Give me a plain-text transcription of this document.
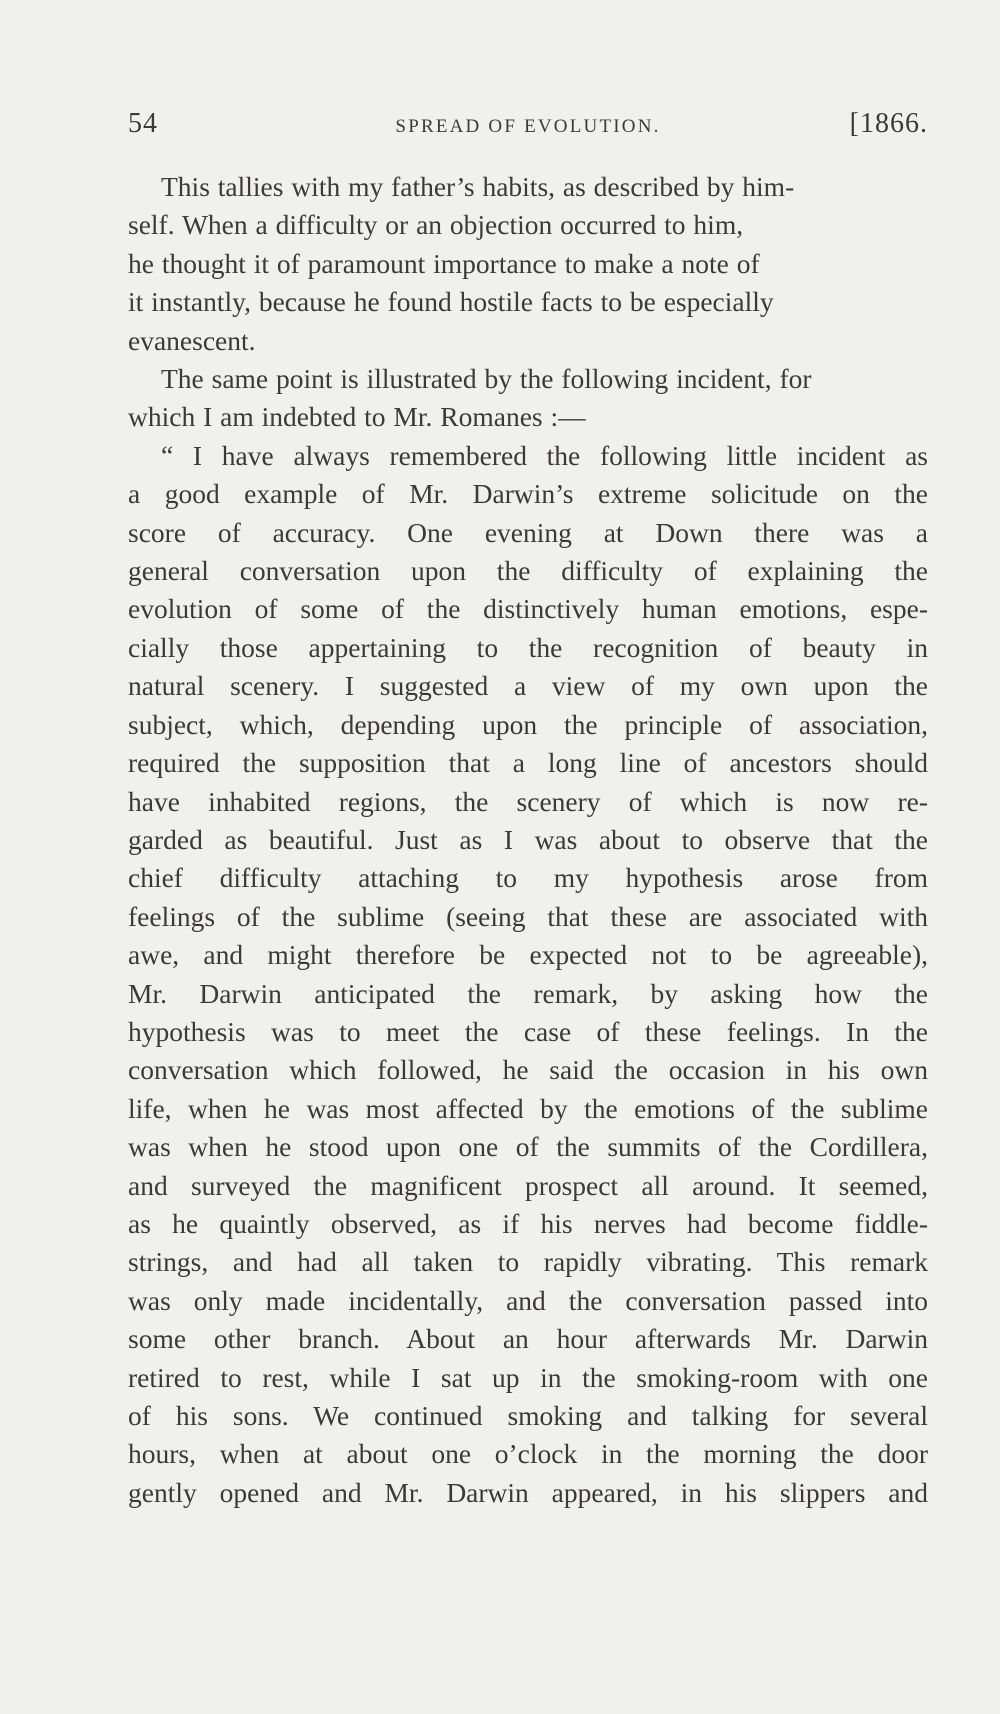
54	SPREAD OF EVOLUTION.	[1866.

This tallies with my father’s habits, as described by him-
self. When a difficulty or an objection occurred to him,
he thought it of paramount importance to make a note of
it instantly, because he found hostile facts to be especially
evanescent.

The same point is illustrated by the following incident, for
which I am indebted to Mr. Romanes :—

“ I have always remembered the following little incident as
a good example of Mr. Darwin’s extreme solicitude on the
score of accuracy. One evening at Down there was a
general conversation upon the difficulty of explaining the
evolution of some of the distinctively human emotions, espe-
cially those appertaining to the recognition of beauty in
natural scenery. I suggested a view of my own upon the
subject, which, depending upon the principle of association,
required the supposition that a long line of ancestors should
have inhabited regions, the scenery of which is now re-
garded as beautiful. Just as I was about to observe that the
chief difficulty attaching to my hypothesis arose from
feelings of the sublime (seeing that these are associated with
awe, and might therefore be expected not to be agreeable),
Mr. Darwin anticipated the remark, by asking how the
hypothesis was to meet the case of these feelings. In the
conversation which followed, he said the occasion in his own
life, when he was most affected by the emotions of the sublime
was when he stood upon one of the summits of the Cordillera,
and surveyed the magnificent prospect all around. It seemed,
as he quaintly observed, as if his nerves had become fiddle-
strings, and had all taken to rapidly vibrating. This remark
was only made incidentally, and the conversation passed into
some other branch. About an hour afterwards Mr. Darwin
retired to rest, while I sat up in the smoking-room with one
of his sons. We continued smoking and talking for several
hours, when at about one o’clock in the morning the door
gently opened and Mr. Darwin appeared, in his slippers and
